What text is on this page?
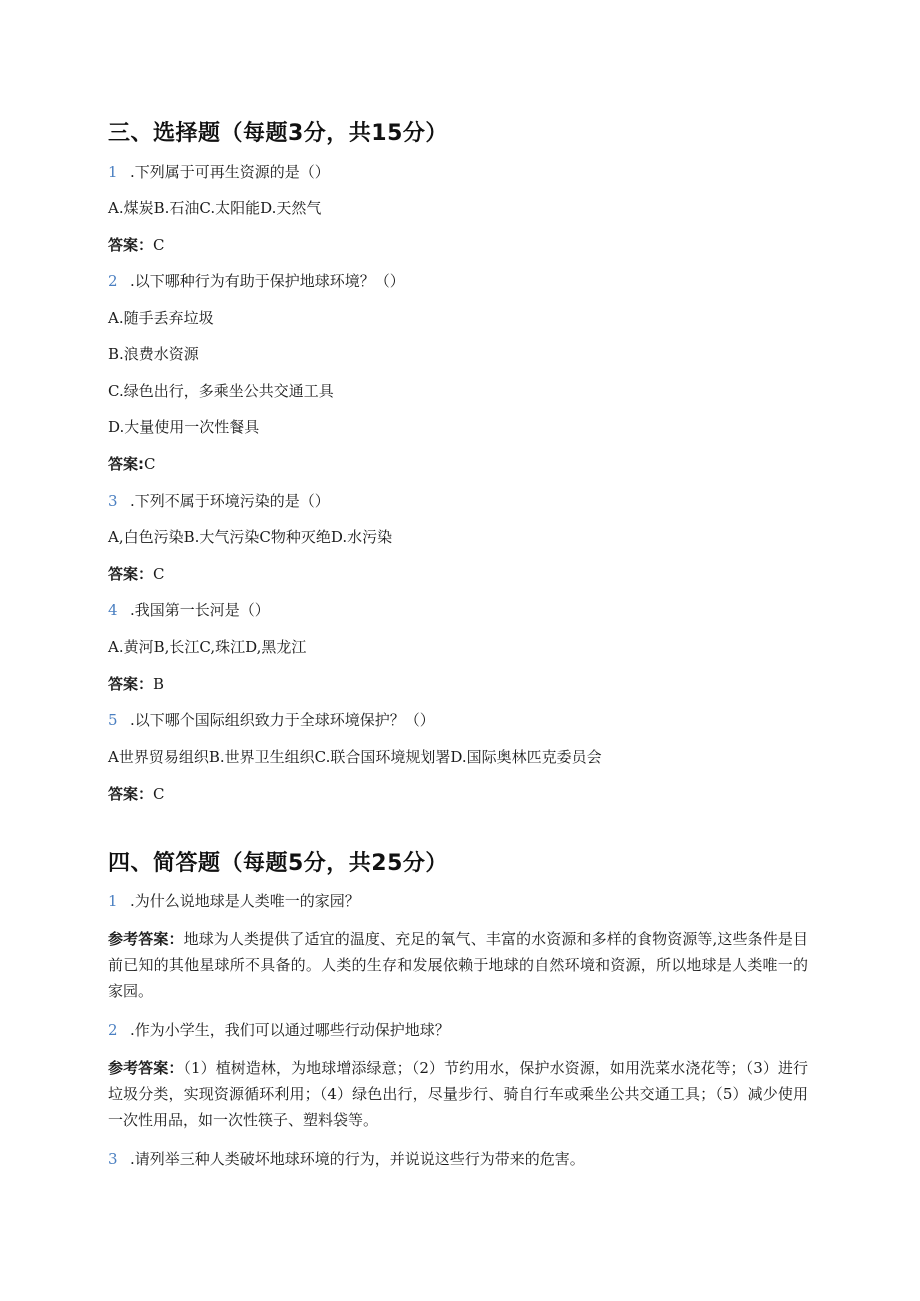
三、选择题（每题3分，共15分）
1 .下列属于可再生资源的是（）
A.煤炭B.石油C.太阳能D.天然气
答案：C
2 .以下哪种行为有助于保护地球环境？（）
A.随手丢弃垃圾
B.浪费水资源
C.绿色出行，多乘坐公共交通工具
D.大量使用一次性餐具
答案:C
3 .下列不属于环境污染的是（）
A,白色污染B.大气污染C物种灭绝D.水污染
答案：C
4 .我国第一长河是（）
A.黄河B,长江C,珠江D,黑龙江
答案：B
5 .以下哪个国际组织致力于全球环境保护？（）
A世界贸易组织B.世界卫生组织C.联合国环境规划署D.国际奥林匹克委员会
答案：C
四、简答题（每题5分，共25分）
1 .为什么说地球是人类唯一的家园？
参考答案：地球为人类提供了适宜的温度、充足的氧气、丰富的水资源和多样的食物资源等,这些条件是目前已知的其他星球所不具备的。人类的生存和发展依赖于地球的自然环境和资源，所以地球是人类唯一的家园。
2 .作为小学生，我们可以通过哪些行动保护地球？
参考答案：（1）植树造林，为地球增添绿意；（2）节约用水，保护水资源，如用洗菜水浇花等；（3）进行垃圾分类，实现资源循环利用；（4）绿色出行，尽量步行、骑自行车或乘坐公共交通工具；（5）减少使用一次性用品，如一次性筷子、塑料袋等。
3 .请列举三种人类破坏地球环境的行为，并说说这些行为带来的危害。
